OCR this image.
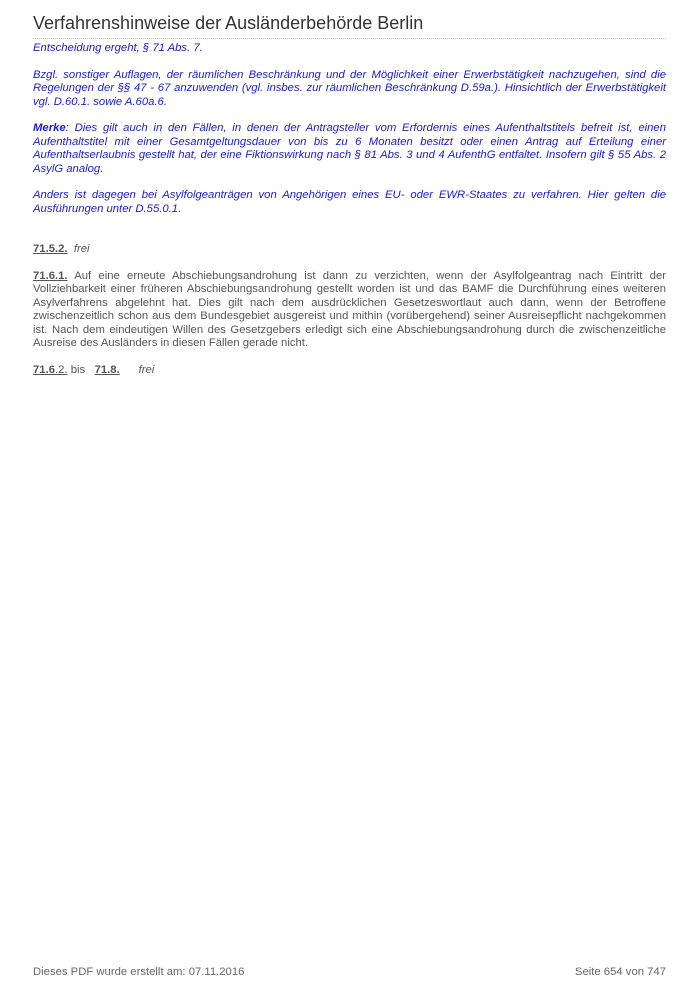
Verfahrenshinweise der Ausländerbehörde Berlin

Entscheidung ergeht, § 71 Abs. 7.

Bzgl. sonstiger Auflagen, der räumlichen Beschränkung und der Möglichkeit einer Erwerbstätigkeit nachzugehen, sind die Regelungen der §§ 47 - 67 anzuwenden (vgl. insbes. zur räumlichen Beschränkung D.59a.). Hinsichtlich der Erwerbstätigkeit vgl. D.60.1. sowie A.60a.6.

Merke: Dies gilt auch in den Fällen, in denen der Antragsteller vom Erfordernis eines Aufenthaltstitels befreit ist, einen Aufenthaltstitel mit einer Gesamtgeltungsdauer von bis zu 6 Monaten besitzt oder einen Antrag auf Erteilung einer Aufenthaltserlaubnis gestellt hat, der eine Fiktionswirkung nach § 81 Abs. 3 und 4 AufenthG entfaltet. Insofern gilt § 55 Abs. 2 AsylG analog.

Anders ist dagegen bei Asylfolgeanträgen von Angehörigen eines EU- oder EWR-Staates zu verfahren. Hier gelten die Ausführungen unter D.55.0.1.

71.5.2. frei

71.6.1. Auf eine erneute Abschiebungsandrohung ist dann zu verzichten, wenn der Asylfolgeantrag nach Eintritt der Vollziehbarkeit einer früheren Abschiebungsandrohung gestellt worden ist und das BAMF die Durchführung eines weiteren Asylverfahrens abgelehnt hat. Dies gilt nach dem ausdrücklichen Gesetzeswortlaut auch dann, wenn der Betroffene zwischenzeitlich schon aus dem Bundesgebiet ausgereist und mithin (vorübergehend) seiner Ausreisepflicht nachgekommen ist. Nach dem eindeutigen Willen des Gesetzgebers erledigt sich eine Abschiebungsandrohung durch die zwischenzeitliche Ausreise des Ausländers in diesen Fällen gerade nicht.

71.6.2. bis 71.8. frei

Dieses PDF wurde erstellt am: 07.11.2016	Seite 654 von 747
